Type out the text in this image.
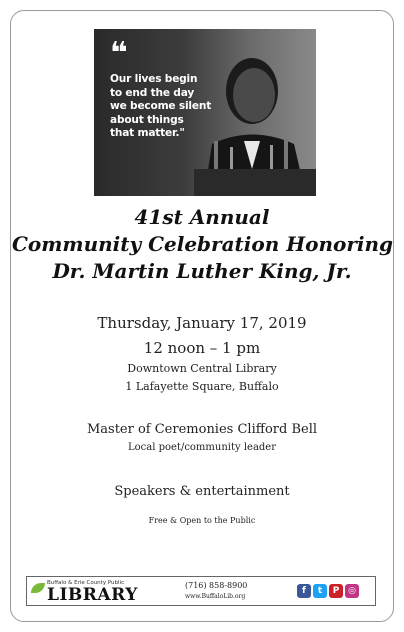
❝
Our lives begin
to end the day
we become silent
about things
that matter."
41st Annual
Community Celebration Honoring
Dr. Martin Luther King, Jr.
Thursday, January 17, 2019
12 noon – 1 pm
Downtown Central Library
1 Lafayette Square, Buffalo
Master of Ceremonies Clifford Bell
Local poet/community leader
Speakers & entertainment
Free & Open to the Public
Buffalo & Erie County Public
LIBRARY	(716) 858-8900
www.BuffaloLib.org
f	t	P ◎
